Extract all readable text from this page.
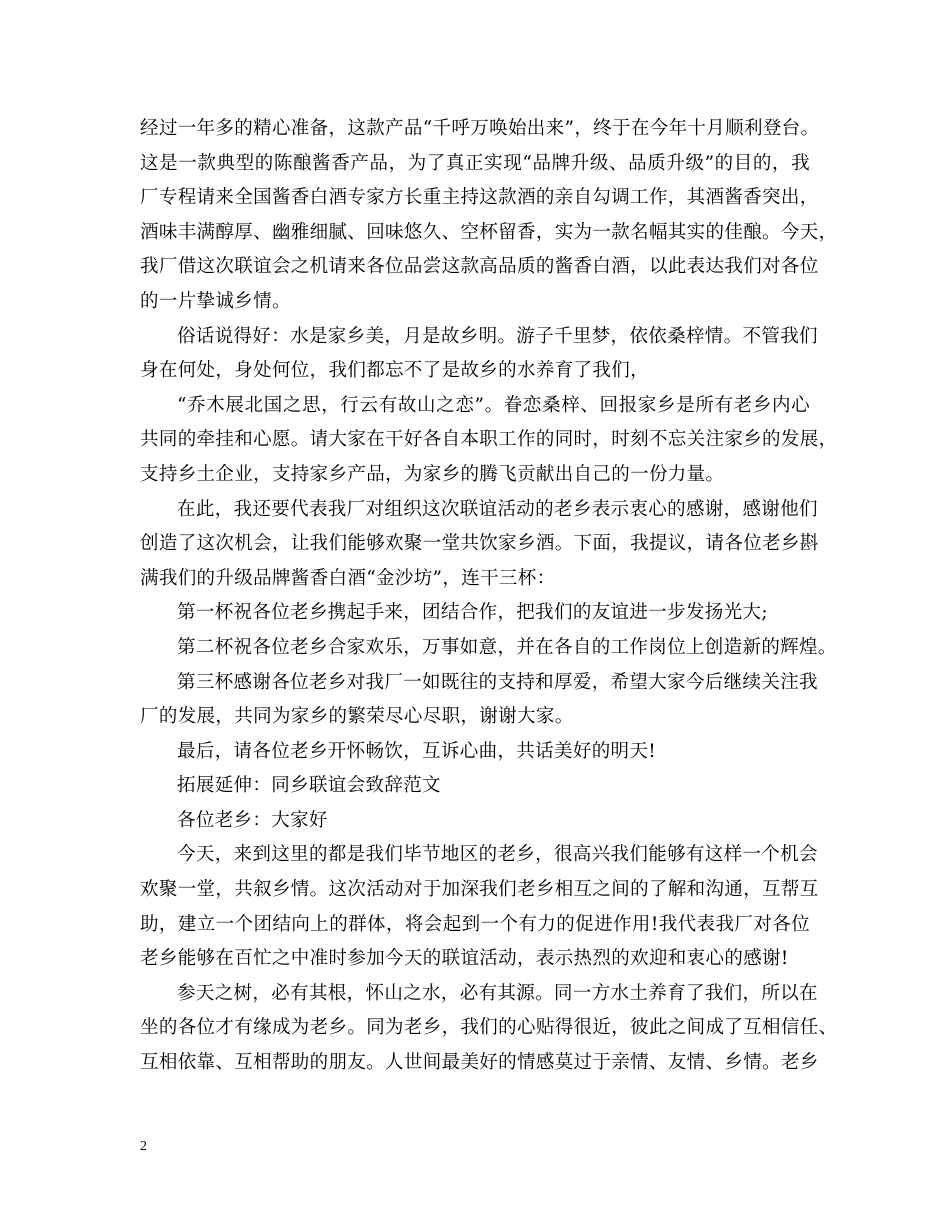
经过一年多的精心准备，这款产品“千呼万唤始出来”，终于在今年十月顺利登台。
这是一款典型的陈酿酱香产品，为了真正实现“品牌升级、品质升级”的目的，我
厂专程请来全国酱香白酒专家方长重主持这款酒的亲自勾调工作，其酒酱香突出，
酒味丰满醇厚、幽雅细腻、回味悠久、空杯留香，实为一款名幅其实的佳酿。今天，
我厂借这次联谊会之机请来各位品尝这款高品质的酱香白酒，以此表达我们对各位
的一片挚诚乡情。
俗话说得好：水是家乡美，月是故乡明。游子千里梦，依依桑梓情。不管我们
身在何处，身处何位，我们都忘不了是故乡的水养育了我们，
“乔木展北国之思，行云有故山之恋”。眷恋桑梓、回报家乡是所有老乡内心
共同的牵挂和心愿。请大家在干好各自本职工作的同时，时刻不忘关注家乡的发展，
支持乡土企业，支持家乡产品，为家乡的腾飞贡献出自己的一份力量。
在此，我还要代表我厂对组织这次联谊活动的老乡表示衷心的感谢，感谢他们
创造了这次机会，让我们能够欢聚一堂共饮家乡酒。下面，我提议，请各位老乡斟
满我们的升级品牌酱香白酒“金沙坊”，连干三杯：
第一杯祝各位老乡携起手来，团结合作，把我们的友谊进一步发扬光大;
第二杯祝各位老乡合家欢乐，万事如意，并在各自的工作岗位上创造新的辉煌。
第三杯感谢各位老乡对我厂一如既往的支持和厚爱，希望大家今后继续关注我
厂的发展，共同为家乡的繁荣尽心尽职，谢谢大家。
最后，请各位老乡开怀畅饮，互诉心曲，共话美好的明天!
拓展延伸：同乡联谊会致辞范文
各位老乡：大家好
今天，来到这里的都是我们毕节地区的老乡，很高兴我们能够有这样一个机会
欢聚一堂，共叙乡情。这次活动对于加深我们老乡相互之间的了解和沟通，互帮互
助，建立一个团结向上的群体，将会起到一个有力的促进作用!我代表我厂对各位
老乡能够在百忙之中准时参加今天的联谊活动，表示热烈的欢迎和衷心的感谢!
参天之树，必有其根，怀山之水，必有其源。同一方水土养育了我们，所以在
坐的各位才有缘成为老乡。同为老乡，我们的心贴得很近，彼此之间成了互相信任、
互相依靠、互相帮助的朋友。人世间最美好的情感莫过于亲情、友情、乡情。老乡
2
